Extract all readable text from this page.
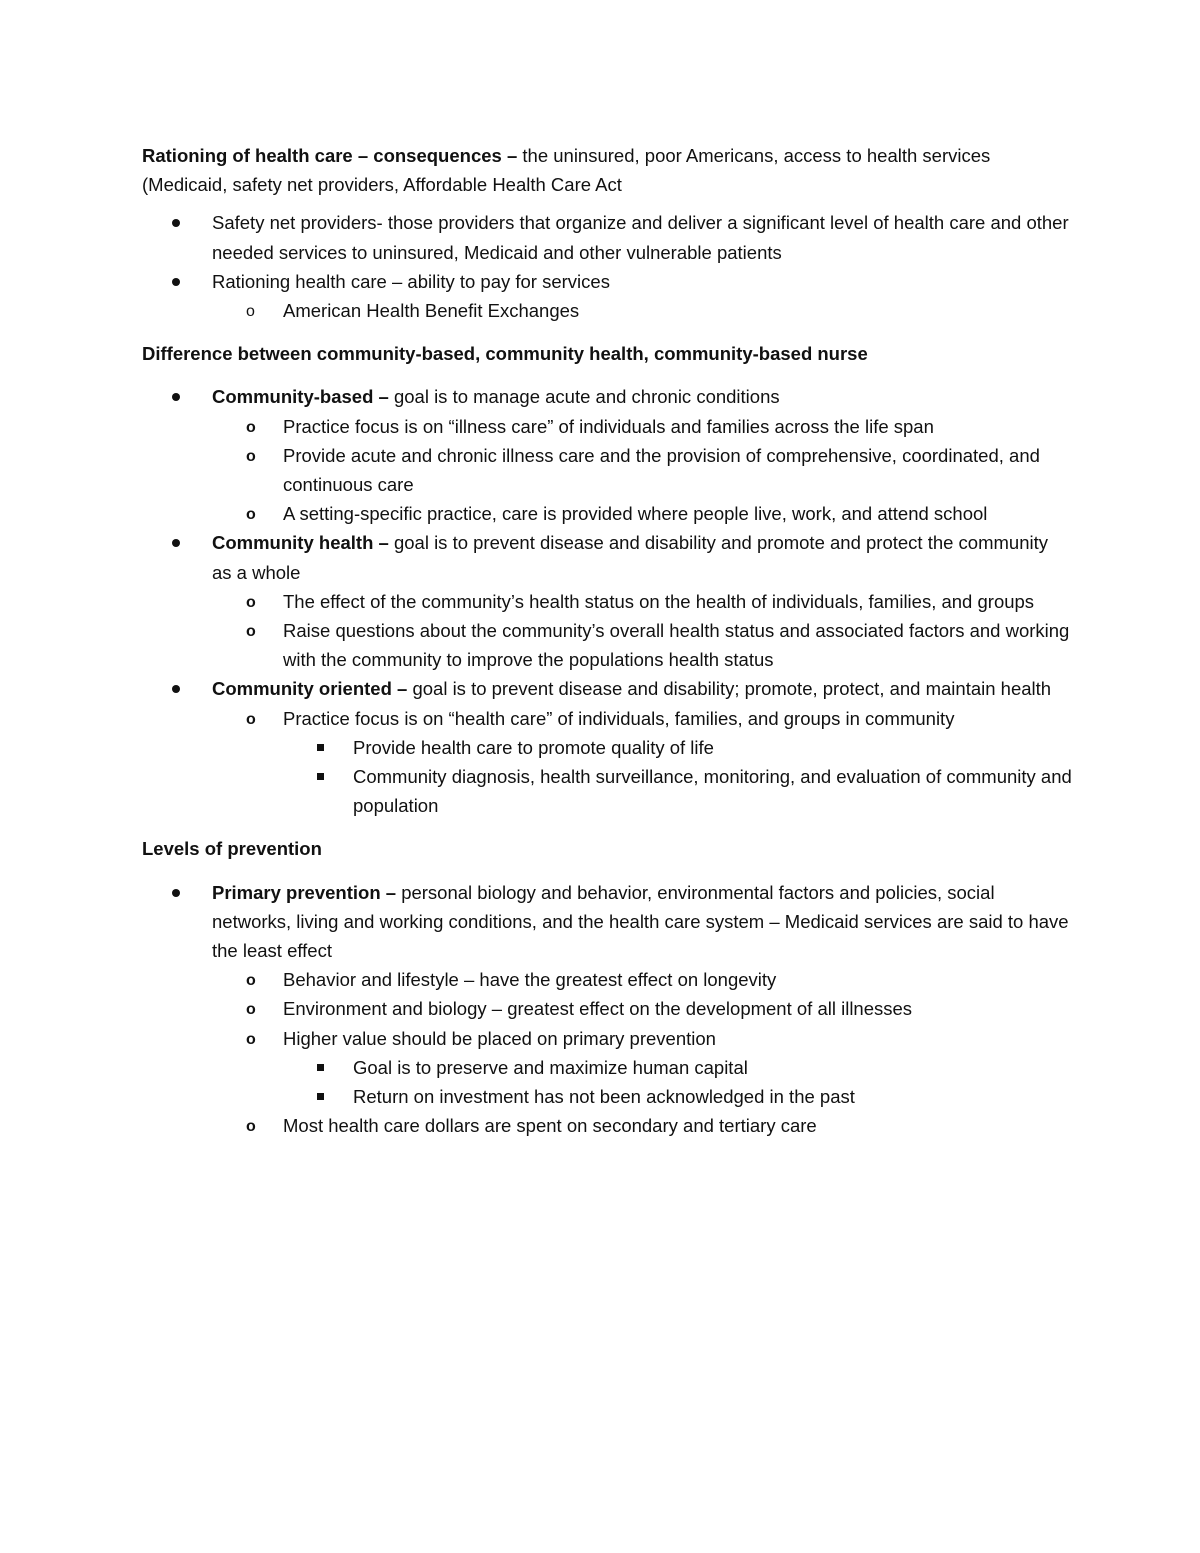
Rationing of health care – consequences – the uninsured, poor Americans, access to health services (Medicaid, safety net providers, Affordable Health Care Act

Safety net providers- those providers that organize and deliver a significant level of health care and other needed services to uninsured, Medicaid and other vulnerable patients
Rationing health care – ability to pay for services
o American Health Benefit Exchanges

Difference between community-based, community health, community-based nurse

Community-based – goal is to manage acute and chronic conditions
o Practice focus is on “illness care” of individuals and families across the life span
o Provide acute and chronic illness care and the provision of comprehensive, coordinated, and continuous care
o A setting-specific practice, care is provided where people live, work, and attend school
Community health – goal is to prevent disease and disability and promote and protect the community as a whole
o The effect of the community’s health status on the health of individuals, families, and groups
o Raise questions about the community’s overall health status and associated factors and working with the community to improve the populations health status
Community oriented – goal is to prevent disease and disability; promote, protect, and maintain health
o Practice focus is on “health care” of individuals, families, and groups in community
Provide health care to promote quality of life
Community diagnosis, health surveillance, monitoring, and evaluation of community and population

Levels of prevention

Primary prevention – personal biology and behavior, environmental factors and policies, social networks, living and working conditions, and the health care system – Medicaid services are said to have the least effect
o Behavior and lifestyle – have the greatest effect on longevity
o Environment and biology – greatest effect on the development of all illnesses
o Higher value should be placed on primary prevention
Goal is to preserve and maximize human capital
Return on investment has not been acknowledged in the past
o Most health care dollars are spent on secondary and tertiary care
